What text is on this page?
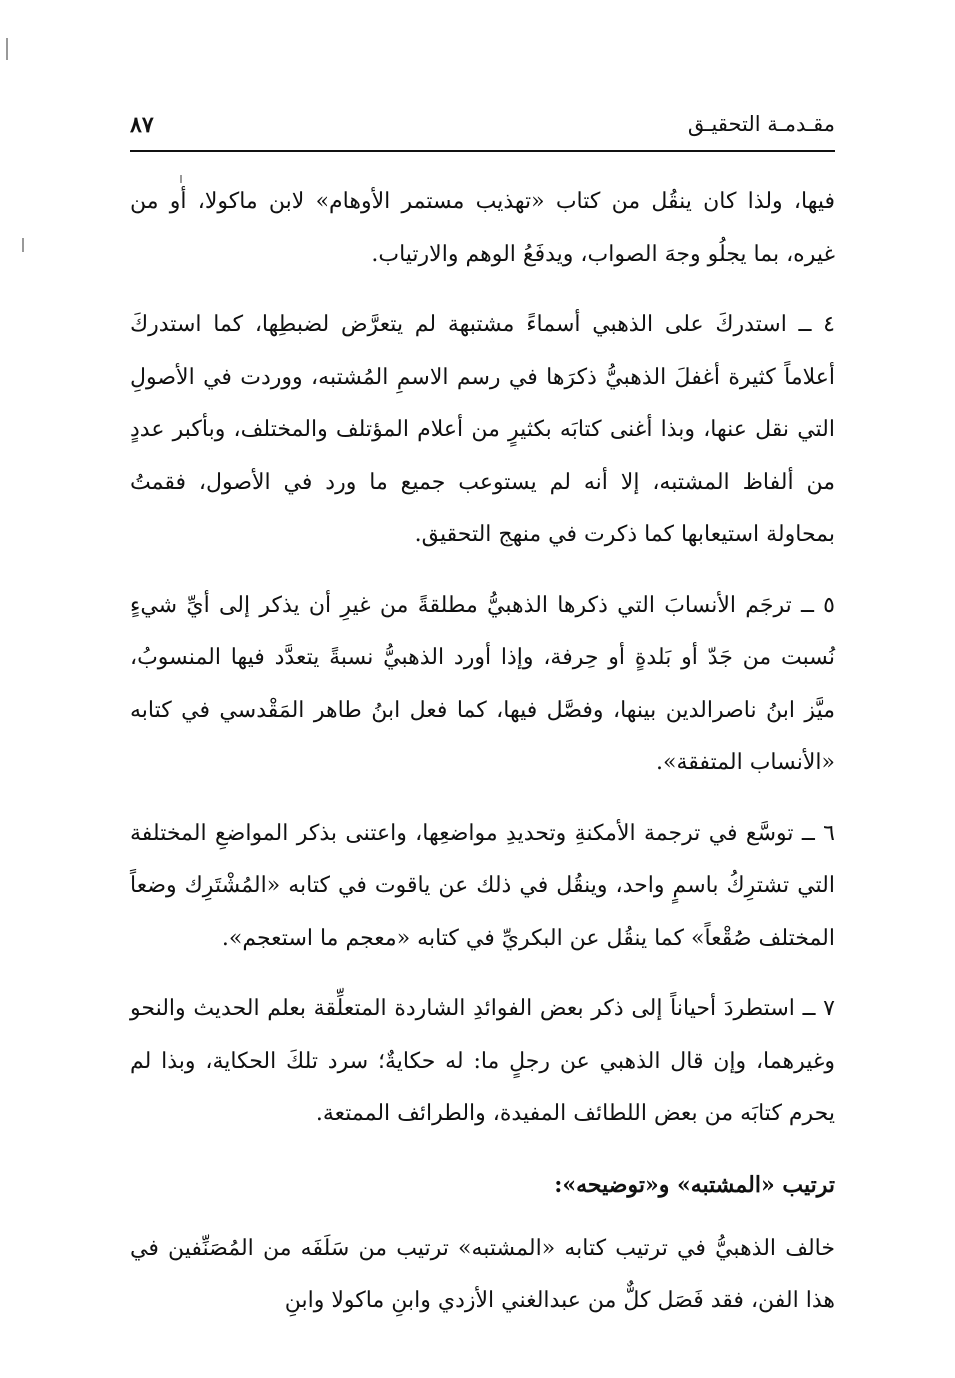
مقـدمـة التحقيـق
٨٧

فيها، ولذا كان ينقُل من كتاب «تهذيب مستمر الأوهام» لابن ماكولا، أو من غيره، بما يجلُو وجهَ الصواب، ويدفَعُ الوهم والارتياب.

٤ ــ استدركَ على الذهبي أسماءً مشتبهة لم يتعرَّض لضبطِها، كما استدركَ أعلاماً كثيرة أغفلَ الذهبيُّ ذكرَها في رسم الاسمِ المُشتبه، ووردت في الأصولِ التي نقل عنها، وبذا أغنى كتابَه بكثيرٍ من أعلام المؤتلف والمختلف، وبأكبر عددٍ من ألفاظ المشتبه، إلا أنه لم يستوعب جميع ما ورد في الأصول، فقمتُ بمحاولة استيعابها كما ذكرت في منهج التحقيق.

٥ ــ ترجَم الأنسابَ التي ذكرها الذهبيُّ مطلقةً من غيرِ أن يذكر إلى أيِّ شيءٍ نُسبت من جَدّ أو بَلدةٍ أو حِرفة، وإذا أورد الذهبيُّ نسبةً يتعدَّد فيها المنسوبُ، ميَّز ابنُ ناصرالدين بينها، وفصَّل فيها، كما فعل ابنُ طاهر المَقْدسي في كتابه «الأنساب المتفقة».

٦ ــ توسَّع في ترجمة الأمكنةِ وتحديدِ مواضعِها، واعتنى بذكر المواضعِ المختلفة التي تشترِكُ باسمٍ واحد، وينقُل في ذلك عن ياقوت في كتابه «المُشْتَرِك وضعاً المختلف صُقْعاً» كما ينقُل عن البكريِّ في كتابه «معجم ما استعجم».

٧ ــ استطردَ أحياناً إلى ذكر بعض الفوائدِ الشاردة المتعلِّقة بعلم الحديث والنحو وغيرهما، وإن قال الذهبي عن رجلٍ ما: له حكايةٌ؛ سرد تلكَ الحكاية، وبذا لم يحرم كتابَه من بعض اللطائف المفيدة، والطرائف الممتعة.

ترتيب «المشتبه» و«توضيحه»:

خالف الذهبيُّ في ترتيب كتابه «المشتبه» ترتيب من سَلَفَه من المُصَنِّفين في هذا الفن، فقد فَصَل كلٌّ من عبدالغني الأزدي وابنِ ماكولا وابنِ
